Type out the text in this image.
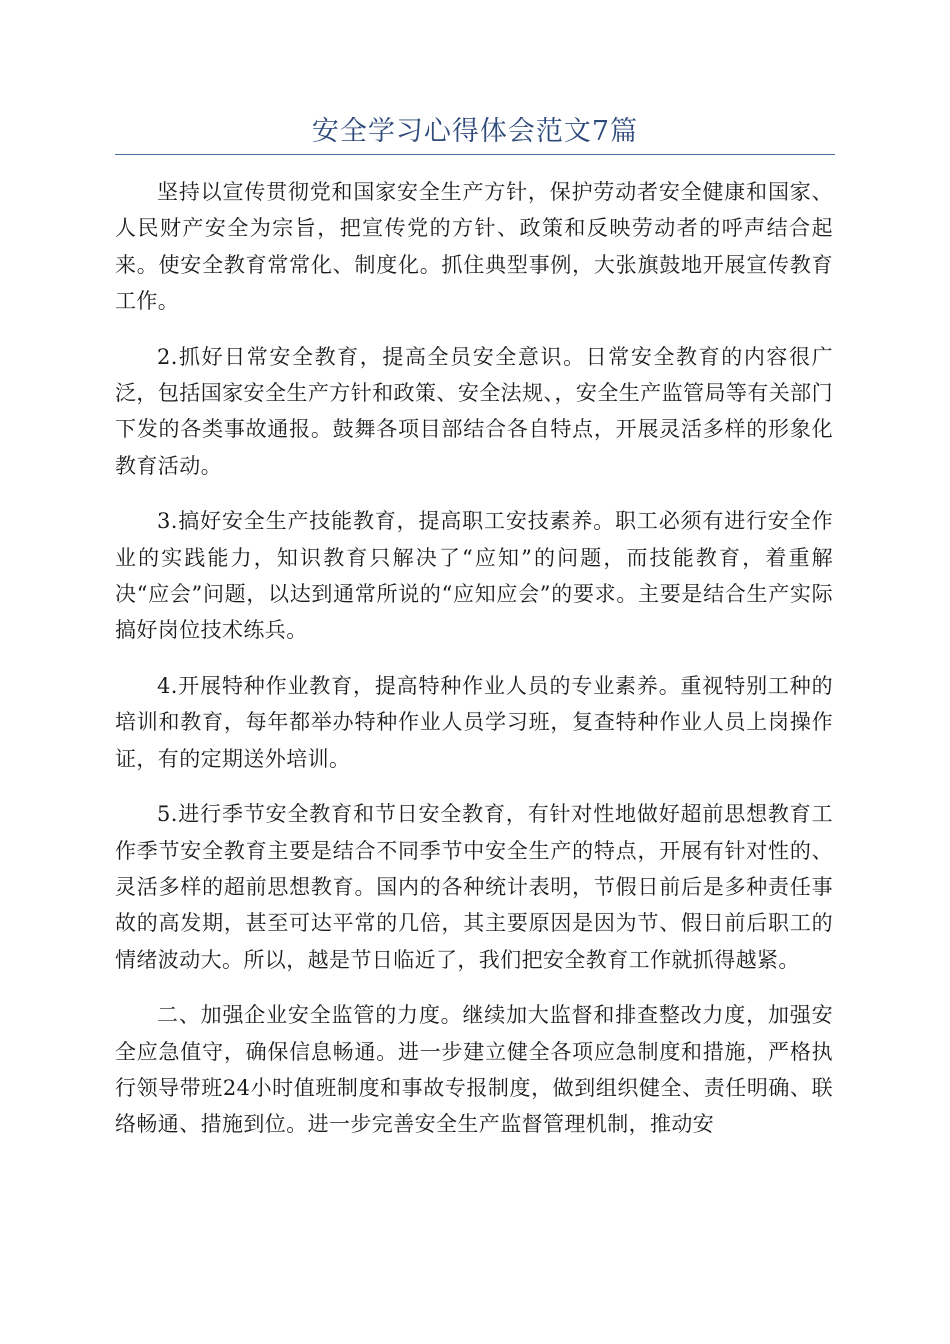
安全学习心得体会范文7篇

坚持以宣传贯彻党和国家安全生产方针，保护劳动者安全健康和国家、人民财产安全为宗旨，把宣传党的方针、政策和反映劳动者的呼声结合起来。使安全教育常常化、制度化。抓住典型事例，大张旗鼓地开展宣传教育工作。

2.抓好日常安全教育，提高全员安全意识。日常安全教育的内容很广泛，包括国家安全生产方针和政策、安全法规、，安全生产监管局等有关部门下发的各类事故通报。鼓舞各项目部结合各自特点，开展灵活多样的形象化教育活动。

3.搞好安全生产技能教育，提高职工安技素养。职工必须有进行安全作业的实践能力，知识教育只解决了“应知”的问题，而技能教育，着重解决“应会”问题，以达到通常所说的“应知应会”的要求。主要是结合生产实际搞好岗位技术练兵。

4.开展特种作业教育，提高特种作业人员的专业素养。重视特别工种的培训和教育，每年都举办特种作业人员学习班，复查特种作业人员上岗操作证，有的定期送外培训。

5.进行季节安全教育和节日安全教育，有针对性地做好超前思想教育工作季节安全教育主要是结合不同季节中安全生产的特点，开展有针对性的、灵活多样的超前思想教育。国内的各种统计表明，节假日前后是多种责任事故的高发期，甚至可达平常的几倍，其主要原因是因为节、假日前后职工的情绪波动大。所以，越是节日临近了，我们把安全教育工作就抓得越紧。

二、加强企业安全监管的力度。继续加大监督和排查整改力度，加强安全应急值守，确保信息畅通。进一步建立健全各项应急制度和措施，严格执行领导带班24小时值班制度和事故专报制度，做到组织健全、责任明确、联络畅通、措施到位。进一步完善安全生产监督管理机制，推动安
